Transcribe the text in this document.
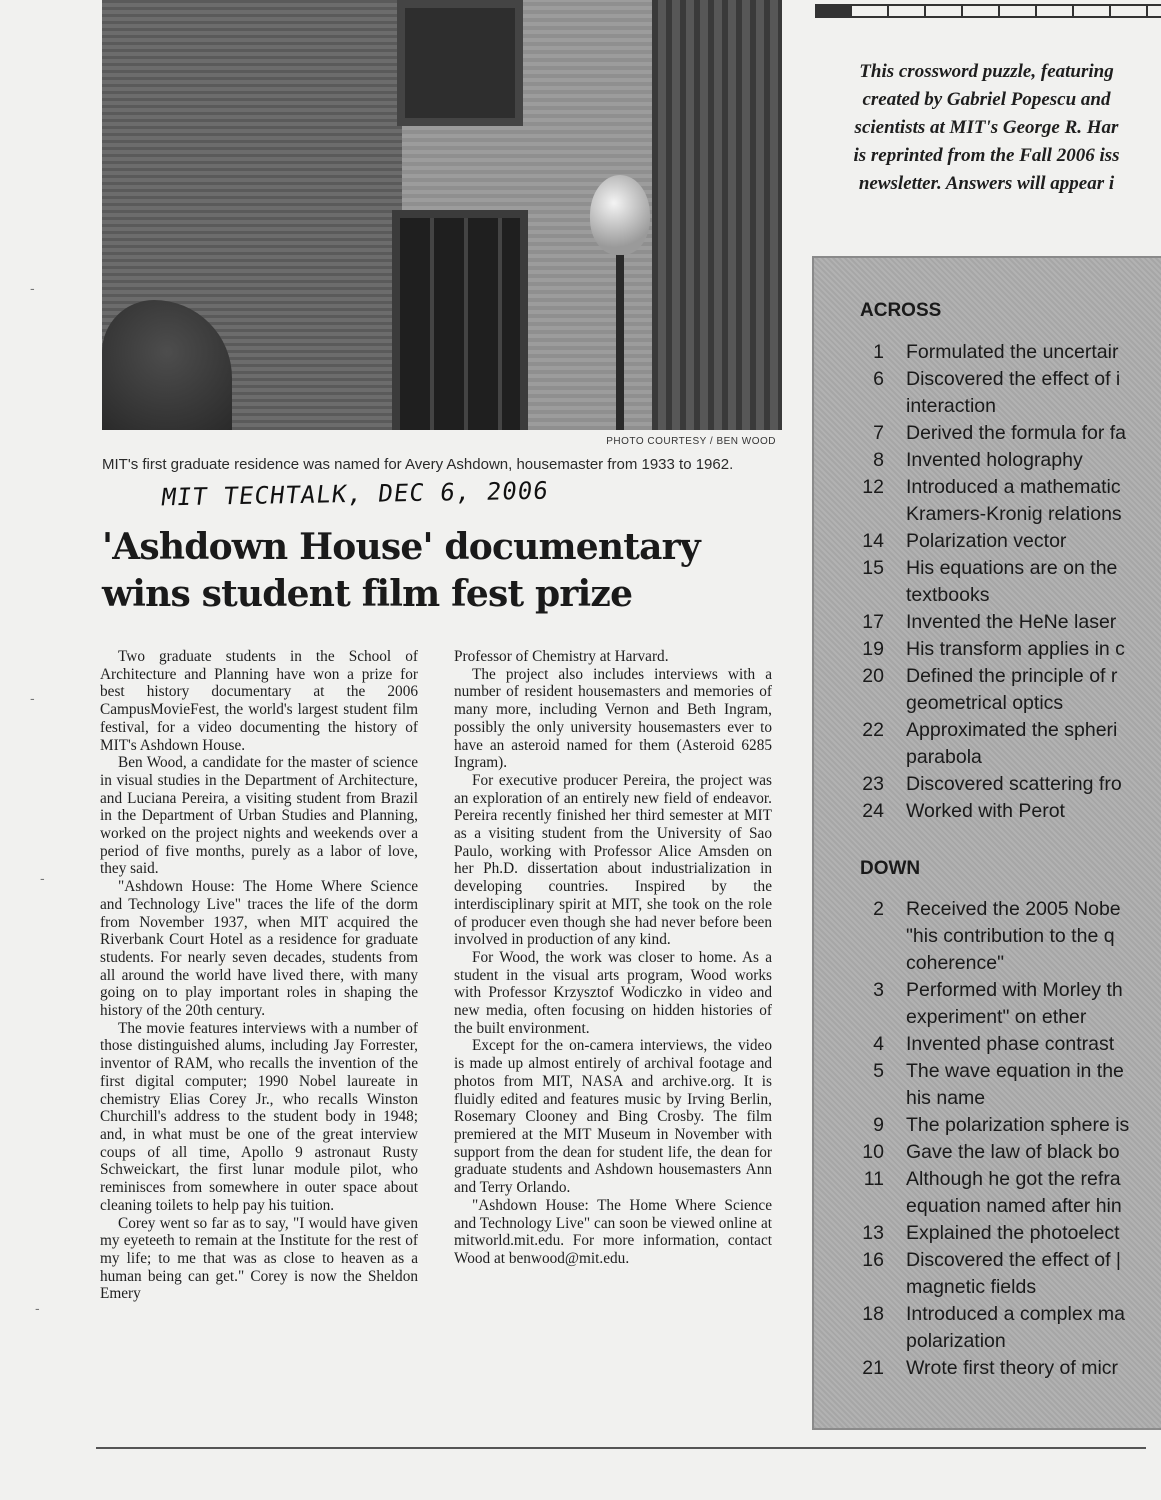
PHOTO COURTESY / BEN WOOD
MIT's first graduate residence was named for Avery Ashdown, housemaster from 1933 to 1962.
MIT TECHTALK, DEC 6, 2006
'Ashdown House' documentary wins student film fest prize

Two graduate students in the School of Architecture and Planning have won a prize for best history documentary at the 2006 CampusMovieFest, the world's largest student film festival, for a video documenting the history of MIT's Ashdown House.

Ben Wood, a candidate for the master of science in visual studies in the Department of Architecture, and Luciana Pereira, a visiting student from Brazil in the Department of Urban Studies and Planning, worked on the project nights and weekends over a period of five months, purely as a labor of love, they said.

"Ashdown House: The Home Where Science and Technology Live" traces the life of the dorm from November 1937, when MIT acquired the Riverbank Court Hotel as a residence for graduate students. For nearly seven decades, students from all around the world have lived there, with many going on to play important roles in shaping the history of the 20th century.

The movie features interviews with a number of those distinguished alums, including Jay Forrester, inventor of RAM, who recalls the invention of the first digital computer; 1990 Nobel laureate in chemistry Elias Corey Jr., who recalls Winston Churchill's address to the student body in 1948; and, in what must be one of the great interview coups of all time, Apollo 9 astronaut Rusty Schweickart, the first lunar module pilot, who reminisces from somewhere in outer space about cleaning toilets to help pay his tuition.

Corey went so far as to say, "I would have given my eyeteeth to remain at the Institute for the rest of my life; to me that was as close to heaven as a human being can get." Corey is now the Sheldon Emery

Professor of Chemistry at Harvard.

The project also includes interviews with a number of resident housemasters and memories of many more, including Vernon and Beth Ingram, possibly the only university housemasters ever to have an asteroid named for them (Asteroid 6285 Ingram).

For executive producer Pereira, the project was an exploration of an entirely new field of endeavor. Pereira recently finished her third semester at MIT as a visiting student from the University of Sao Paulo, working with Professor Alice Amsden on her Ph.D. dissertation about industrialization in developing countries. Inspired by the interdisciplinary spirit at MIT, she took on the role of producer even though she had never before been involved in production of any kind.

For Wood, the work was closer to home. As a student in the visual arts program, Wood works with Professor Krzysztof Wodiczko in video and new media, often focusing on hidden histories of the built environment.

Except for the on-camera interviews, the video is made up almost entirely of archival footage and photos from MIT, NASA and archive.org. It is fluidly edited and features music by Irving Berlin, Rosemary Clooney and Bing Crosby. The film premiered at the MIT Museum in November with support from the dean for student life, the dean for graduate students and Ashdown housemasters Ann and Terry Orlando.

"Ashdown House: The Home Where Science and Technology Live" can soon be viewed online at mitworld.mit.edu. For more information, contact Wood at benwood@mit.edu.

This crossword puzzle, featuring
created by Gabriel Popescu and
scientists at MIT's George R. Har
is reprinted from the Fall 2006 iss
newsletter. Answers will appear i
ACROSS
1	Formulated the uncertair
6	Discovered the effect of i
interaction
7	Derived the formula for fa
8	Invented holography
12	Introduced a mathematic
Kramers-Kronig relations
14	Polarization vector
15	His equations are on the
textbooks
17	Invented the HeNe laser
19	His transform applies in c
20	Defined the principle of r
geometrical optics
22	Approximated the spheri
parabola
23	Discovered scattering fro
24	Worked with Perot
DOWN
2	Received the 2005 Nobe
"his contribution to the q
coherence"
3	Performed with Morley th
experiment" on ether
4	Invented phase contrast
5	The wave equation in the
his name
9	The polarization sphere is
10	Gave the law of black bo
11	Although he got the refra
equation named after hin
13	Explained the photoelect
16	Discovered the effect of |
magnetic fields
18	Introduced a complex ma
polarization
21	Wrote first theory of micr
-
-
-
-
